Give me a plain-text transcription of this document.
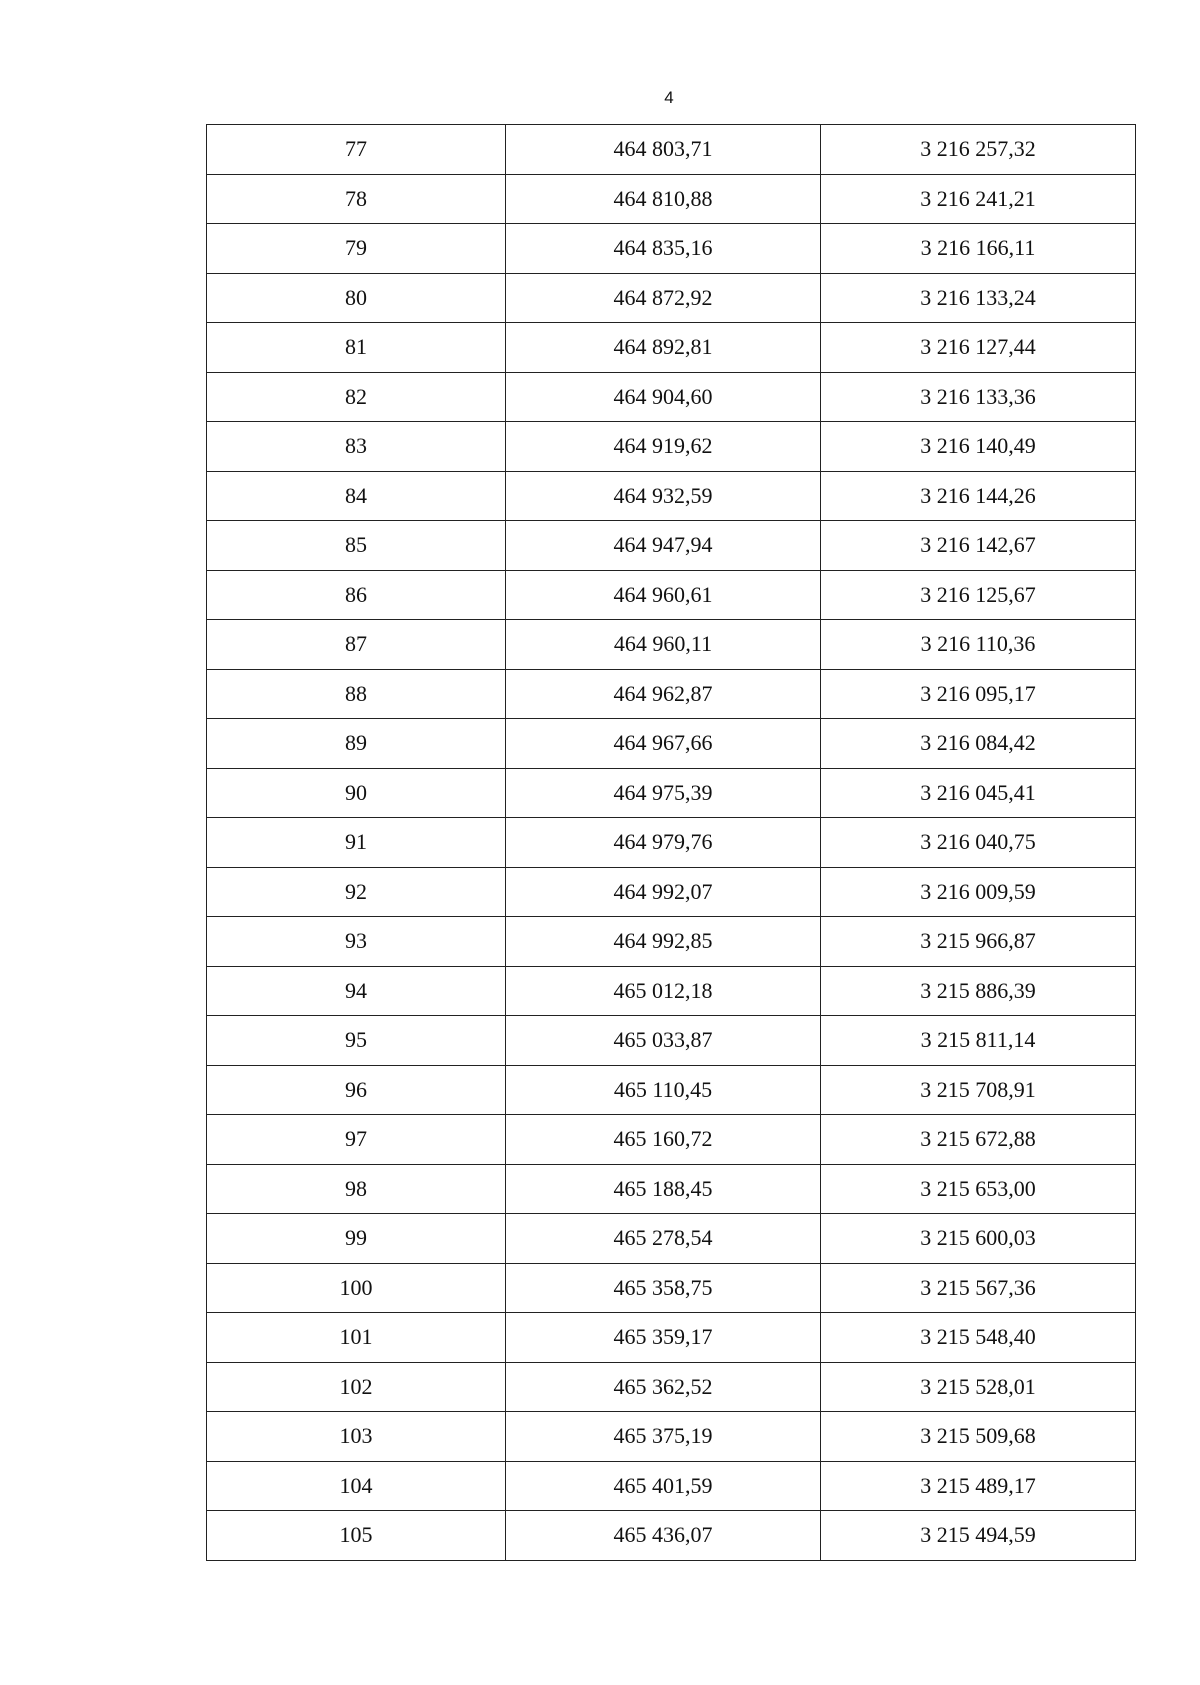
4
77	464 803,71	3 216 257,32
78	464 810,88	3 216 241,21
79	464 835,16	3 216 166,11
80	464 872,92	3 216 133,24
81	464 892,81	3 216 127,44
82	464 904,60	3 216 133,36
83	464 919,62	3 216 140,49
84	464 932,59	3 216 144,26
85	464 947,94	3 216 142,67
86	464 960,61	3 216 125,67
87	464 960,11	3 216 110,36
88	464 962,87	3 216 095,17
89	464 967,66	3 216 084,42
90	464 975,39	3 216 045,41
91	464 979,76	3 216 040,75
92	464 992,07	3 216 009,59
93	464 992,85	3 215 966,87
94	465 012,18	3 215 886,39
95	465 033,87	3 215 811,14
96	465 110,45	3 215 708,91
97	465 160,72	3 215 672,88
98	465 188,45	3 215 653,00
99	465 278,54	3 215 600,03
100	465 358,75	3 215 567,36
101	465 359,17	3 215 548,40
102	465 362,52	3 215 528,01
103	465 375,19	3 215 509,68
104	465 401,59	3 215 489,17
105	465 436,07	3 215 494,59
